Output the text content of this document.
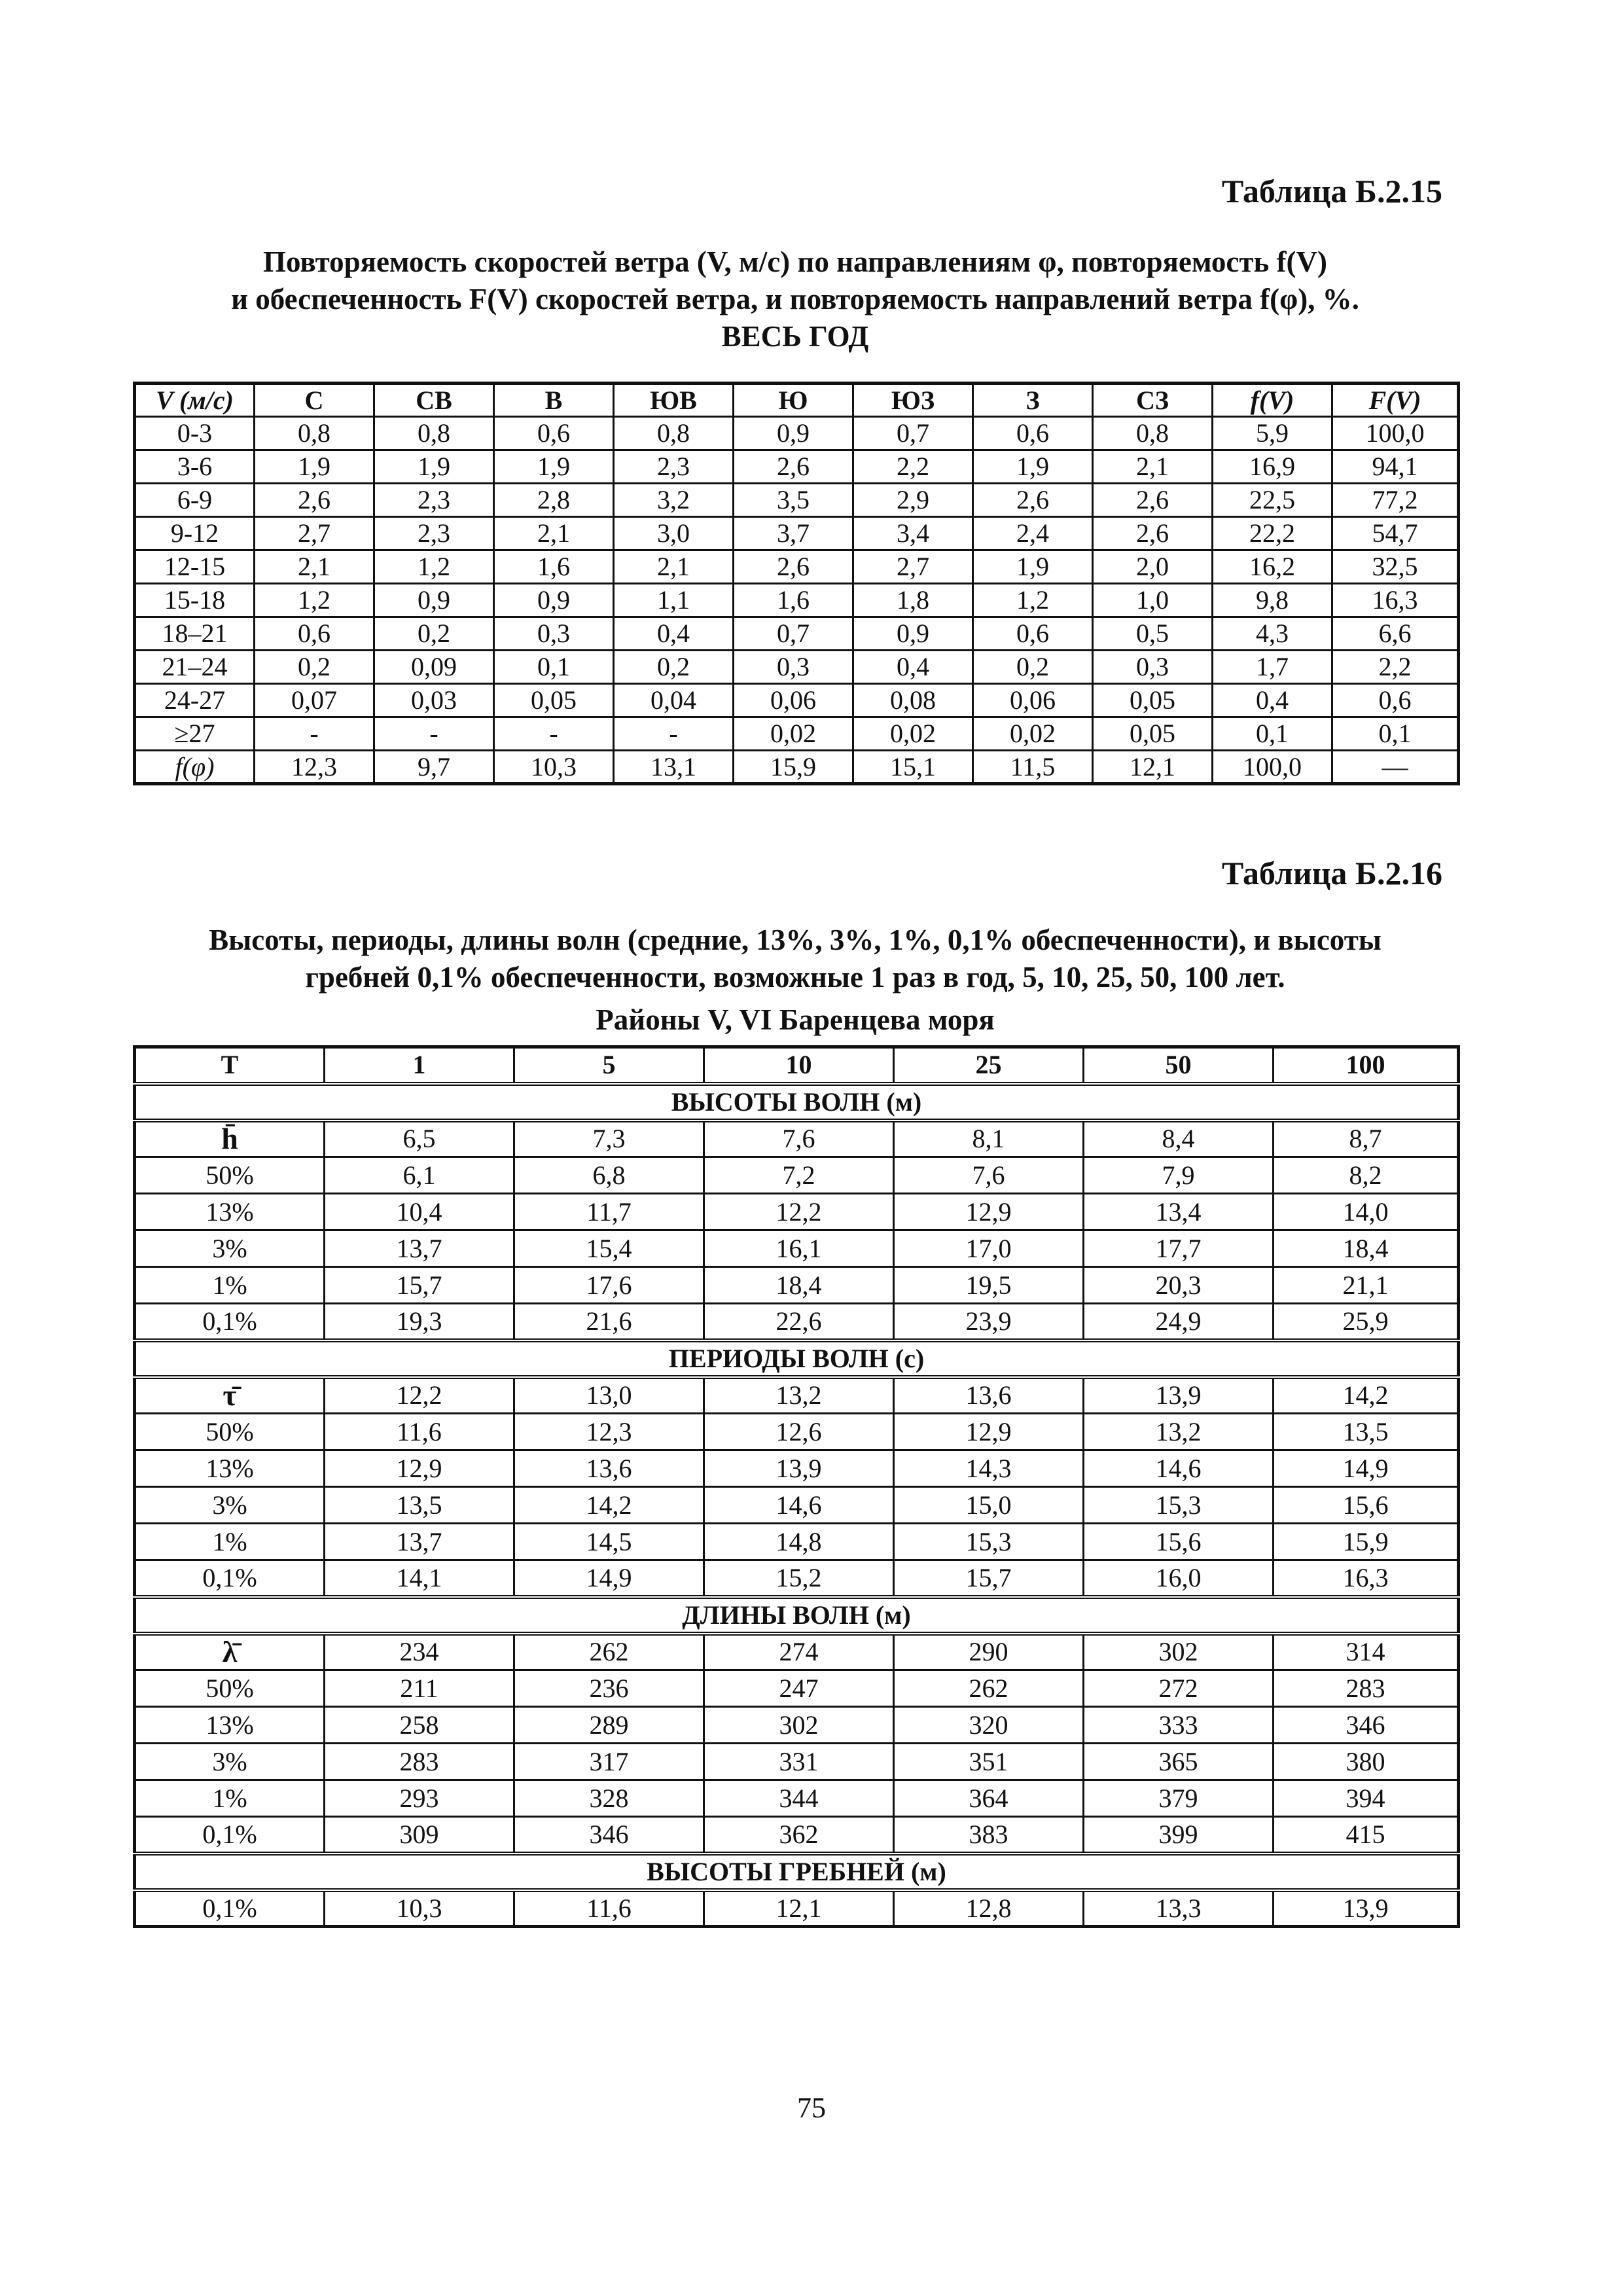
Таблица Б.2.15
Повторяемость скоростей ветра (V, м/с) по направлениям φ, повторяемость f(V)
и обеспеченность F(V) скоростей ветра, и повторяемость направлений ветра f(φ), %.
ВЕСЬ ГОД
V (м/с)	С	СВ	В	ЮВ	Ю	ЮЗ	З	СЗ	f(V)	F(V)
0-3	0,8	0,8	0,6	0,8	0,9	0,7	0,6	0,8	5,9	100,0
3-6	1,9	1,9	1,9	2,3	2,6	2,2	1,9	2,1	16,9	94,1
6-9	2,6	2,3	2,8	3,2	3,5	2,9	2,6	2,6	22,5	77,2
9-12	2,7	2,3	2,1	3,0	3,7	3,4	2,4	2,6	22,2	54,7
12-15	2,1	1,2	1,6	2,1	2,6	2,7	1,9	2,0	16,2	32,5
15-18	1,2	0,9	0,9	1,1	1,6	1,8	1,2	1,0	9,8	16,3
18–21	0,6	0,2	0,3	0,4	0,7	0,9	0,6	0,5	4,3	6,6
21–24	0,2	0,09	0,1	0,2	0,3	0,4	0,2	0,3	1,7	2,2
24-27	0,07	0,03	0,05	0,04	0,06	0,08	0,06	0,05	0,4	0,6
≥27	-	-	-	-	0,02	0,02	0,02	0,05	0,1	0,1
f(φ)	12,3	9,7	10,3	13,1	15,9	15,1	11,5	12,1	100,0	—
Таблица Б.2.16
Высоты, периоды, длины волн (средние, 13%, 3%, 1%, 0,1% обеспеченности), и высоты
гребней 0,1% обеспеченности, возможные 1 раз в год, 5, 10, 25, 50, 100 лет.
Районы V, VI Баренцева моря
T	1	5	10	25	50	100
ВЫСОТЫ ВОЛН (м)						
h̄	6,5	7,3	7,6	8,1	8,4	8,7
50%	6,1	6,8	7,2	7,6	7,9	8,2
13%	10,4	11,7	12,2	12,9	13,4	14,0
3%	13,7	15,4	16,1	17,0	17,7	18,4
1%	15,7	17,6	18,4	19,5	20,3	21,1
0,1%	19,3	21,6	22,6	23,9	24,9	25,9
ПЕРИОДЫ ВОЛН (с)						
τ̄	12,2	13,0	13,2	13,6	13,9	14,2
50%	11,6	12,3	12,6	12,9	13,2	13,5
13%	12,9	13,6	13,9	14,3	14,6	14,9
3%	13,5	14,2	14,6	15,0	15,3	15,6
1%	13,7	14,5	14,8	15,3	15,6	15,9
0,1%	14,1	14,9	15,2	15,7	16,0	16,3
ДЛИНЫ ВОЛН (м)						
λ̄	234	262	274	290	302	314
50%	211	236	247	262	272	283
13%	258	289	302	320	333	346
3%	283	317	331	351	365	380
1%	293	328	344	364	379	394
0,1%	309	346	362	383	399	415
ВЫСОТЫ ГРЕБНЕЙ (м)						
0,1%	10,3	11,6	12,1	12,8	13,3	13,9
75
